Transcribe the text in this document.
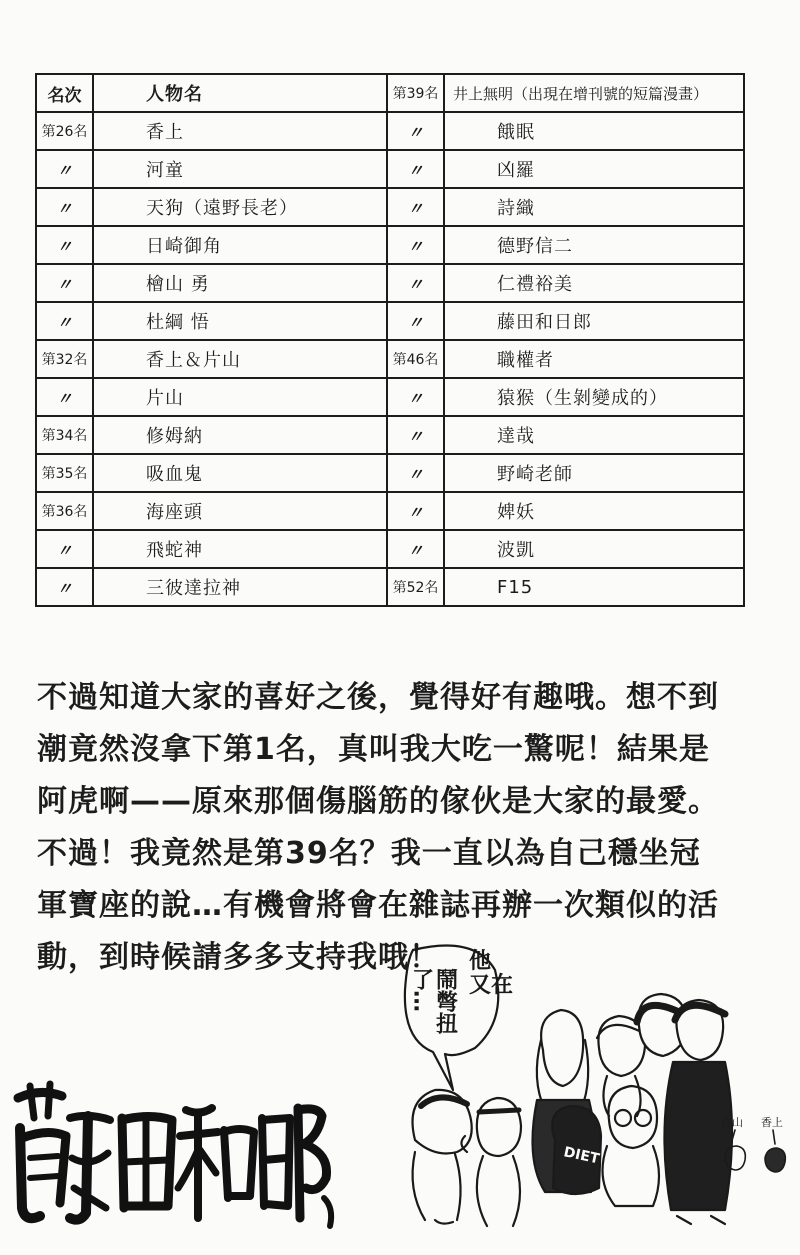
名次	人物名	第39名	井上無明（出現在增刊號的短篇漫畫）
第26名	香上	〃	餓眠
〃	河童	〃	凶羅
〃	天狗（遠野長老）	〃	詩織
〃	日崎御角	〃	德野信二
〃	檜山 勇	〃	仁禮裕美
〃	杜綱 悟	〃	藤田和日郎
第32名	香上＆片山	第46名	職權者
〃	片山	〃	猿猴（生剝變成的）
第34名	修姆納	〃	達哉
第35名	吸血鬼	〃	野崎老師
第36名	海座頭	〃	婢妖
〃	飛蛇神	〃	波凱
〃	三彼達拉神	第52名	F15
不過知道大家的喜好之後，覺得好有趣哦。想不到
潮竟然沒拿下第1名，真叫我大吃一驚呢！結果是
阿虎啊——原來那個傷腦筋的傢伙是大家的最愛。
不過！我竟然是第39名？我一直以為自己穩坐冠
軍寶座的說…有機會將會在雜誌再辦一次類似的活
動，到時候請多多支持我哦！	他
又在
鬧彆扭
了…
DIET
片山 香上
